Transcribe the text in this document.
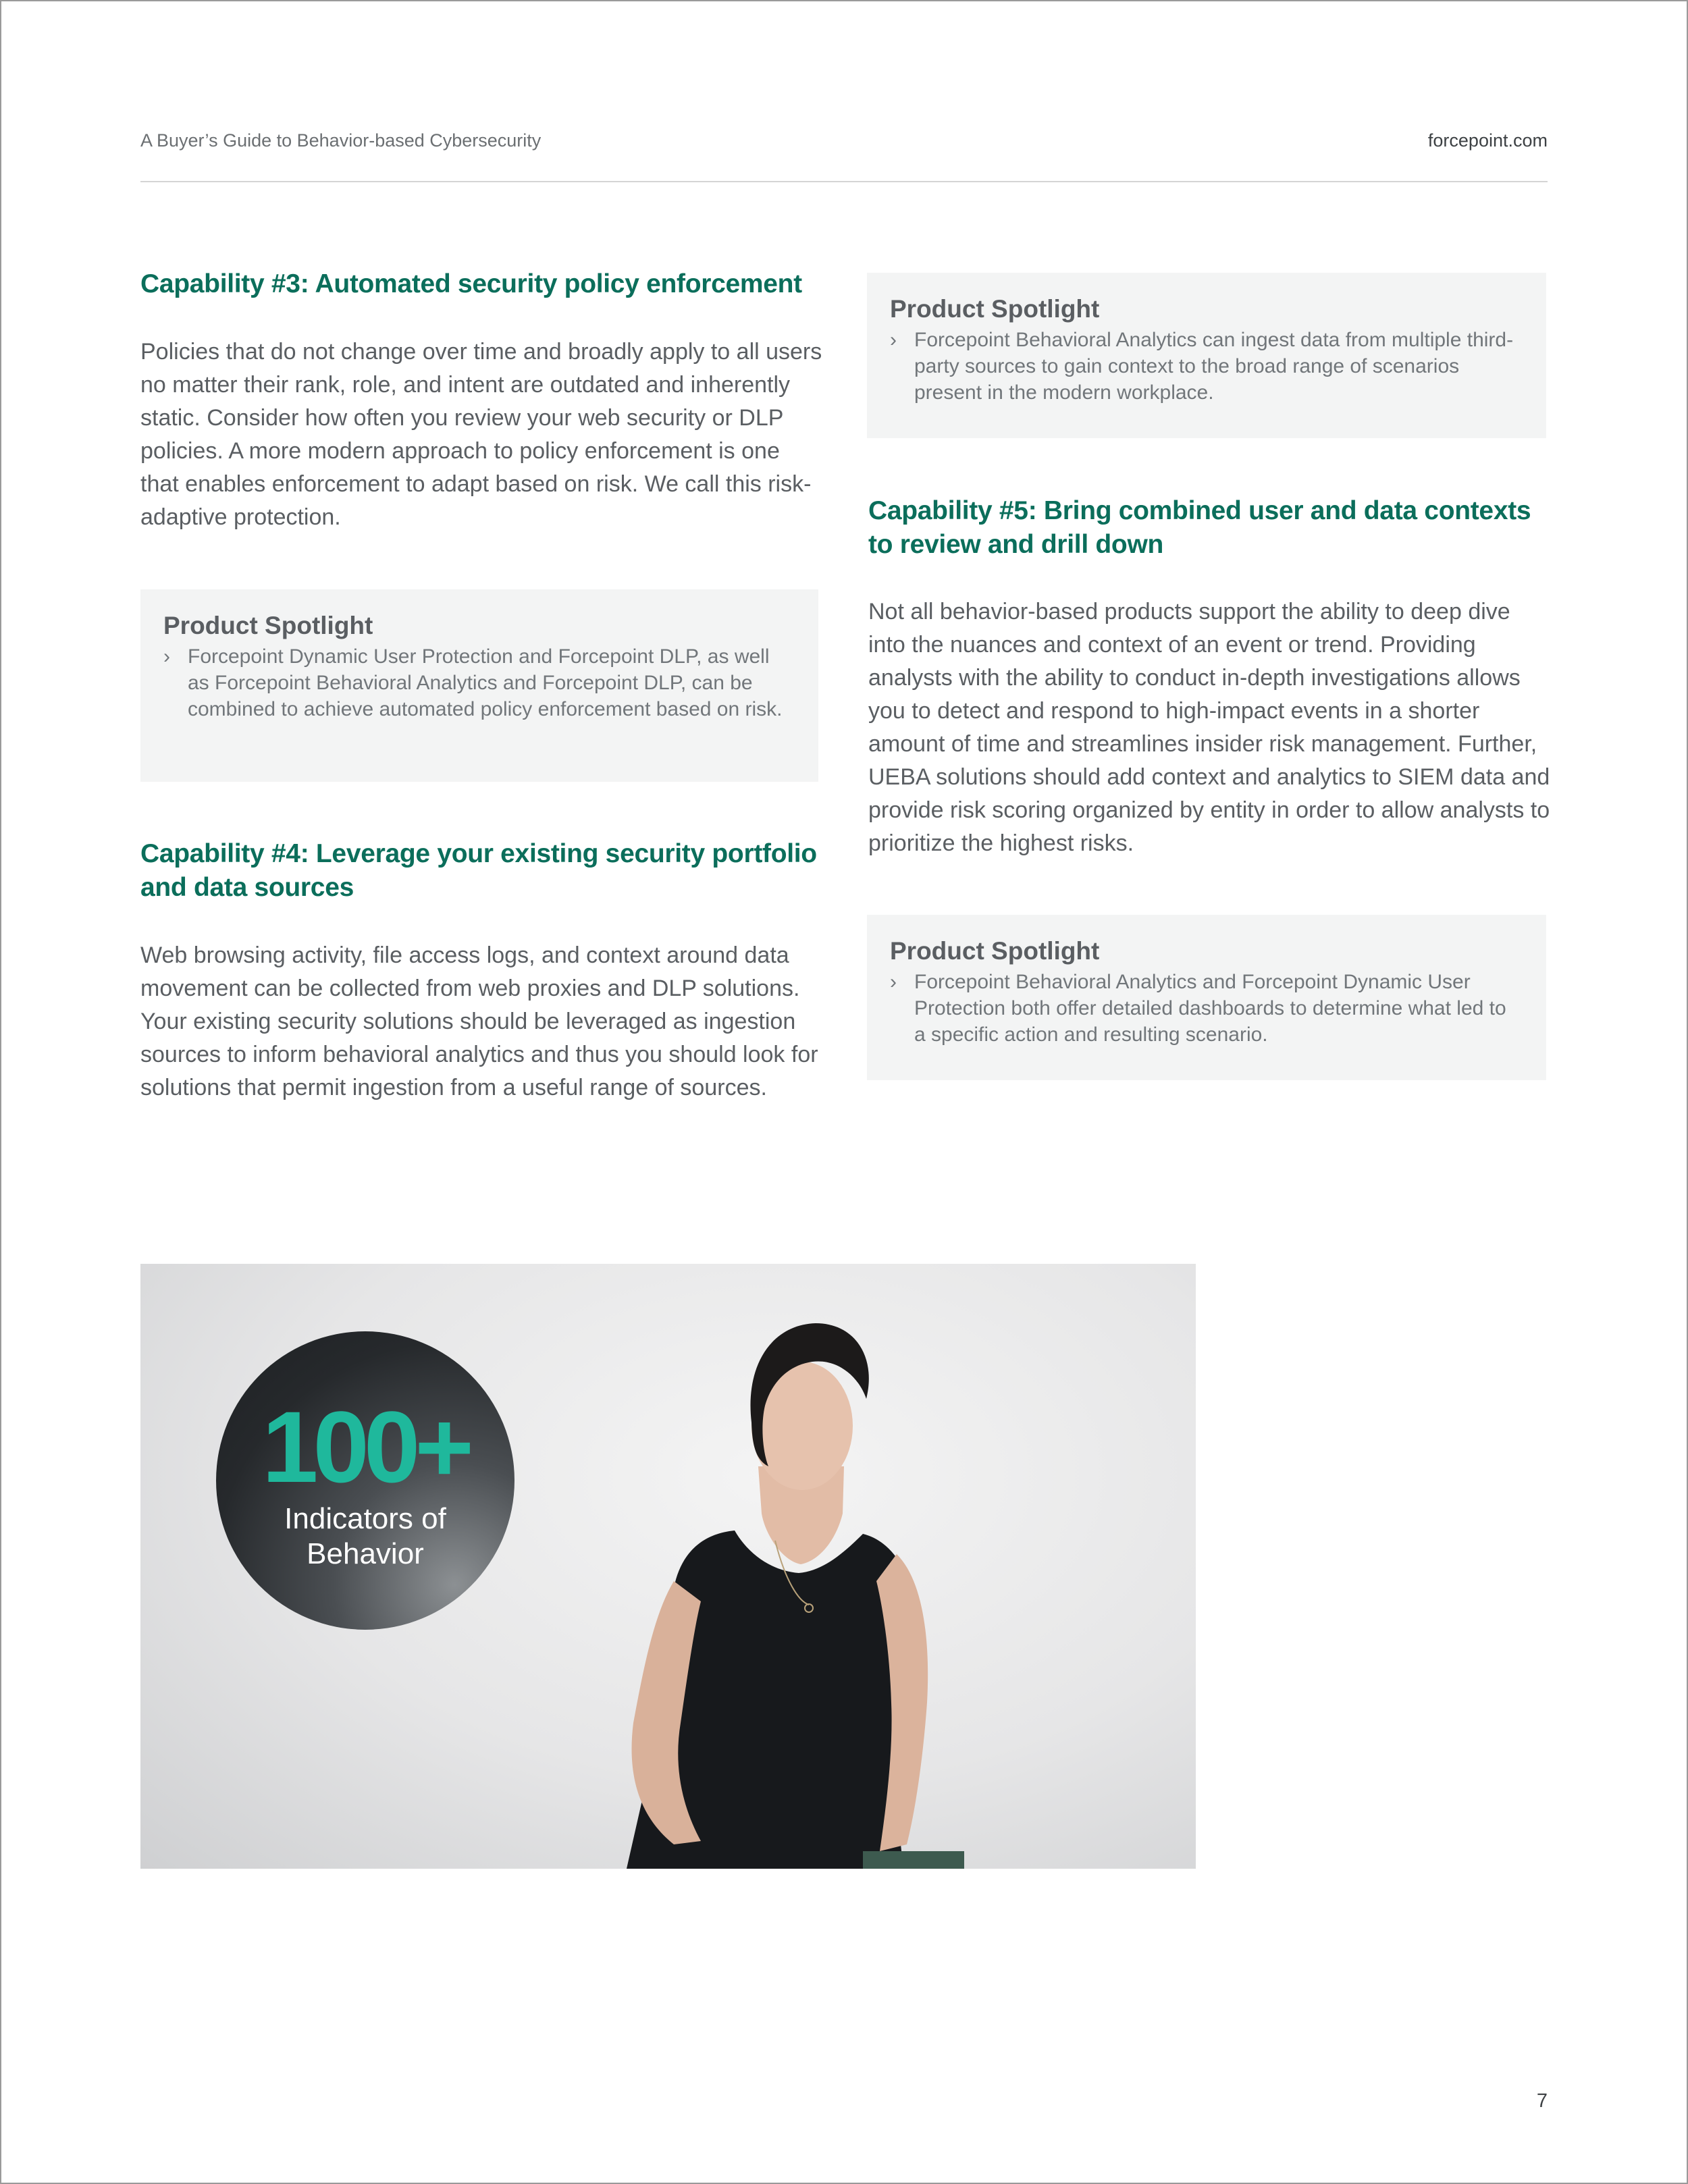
A Buyer’s Guide to Behavior-based Cybersecurity	forcepoint.com
Capability #3: Automated security policy enforcement
Policies that do not change over time and broadly apply to all users no matter their rank, role, and intent are outdated and inherently static. Consider how often you review your web security or DLP policies. A more modern approach to policy enforcement is one that enables enforcement to adapt based on risk. We call this risk-adaptive protection.
Product Spotlight
› Forcepoint Dynamic User Protection and Forcepoint DLP, as well as Forcepoint Behavioral Analytics and Forcepoint DLP, can be combined to achieve automated policy enforcement based on risk.
Capability #4: Leverage your existing security portfolio and data sources
Web browsing activity, file access logs, and context around data movement can be collected from web proxies and DLP solutions. Your existing security solutions should be leveraged as ingestion sources to inform behavioral analytics and thus you should look for solutions that permit ingestion from a useful range of sources.
Product Spotlight
› Forcepoint Behavioral Analytics can ingest data from multiple third-party sources to gain context to the broad range of scenarios present in the modern workplace.
Capability #5: Bring combined user and data contexts to review and drill down
Not all behavior-based products support the ability to deep dive into the nuances and context of an event or trend. Providing analysts with the ability to conduct in-depth investigations allows you to detect and respond to high-impact events in a shorter amount of time and streamlines insider risk management. Further, UEBA solutions should add context and analytics to SIEM data and provide risk scoring organized by entity in order to allow analysts to prioritize the highest risks.
Product Spotlight
› Forcepoint Behavioral Analytics and Forcepoint Dynamic User Protection both offer detailed dashboards to determine what led to a specific action and resulting scenario.
100+
Indicators of
Behavior
7
